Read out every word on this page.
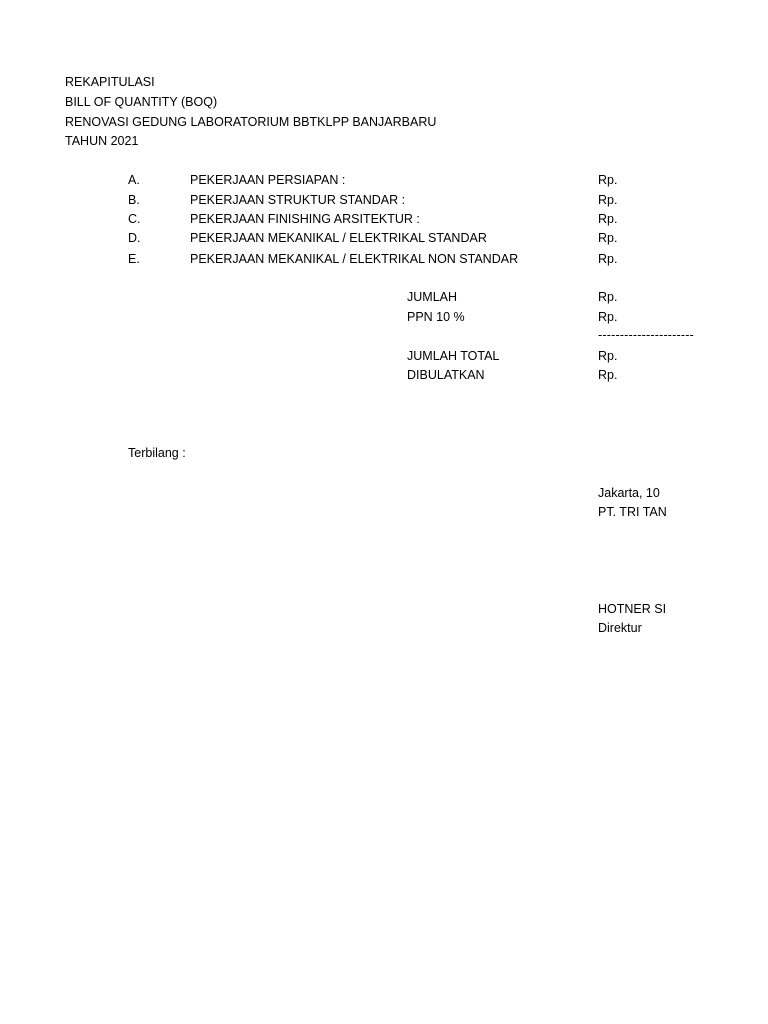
REKAPITULASI
BILL OF QUANTITY (BOQ)
RENOVASI GEDUNG LABORATORIUM BBTKLPP BANJARBARU
TAHUN 2021
A.	PEKERJAAN PERSIAPAN :	Rp.
B.	PEKERJAAN STRUKTUR STANDAR :	Rp.
C.	PEKERJAAN FINISHING ARSITEKTUR :	Rp.
D.	PEKERJAAN MEKANIKAL / ELEKTRIKAL STANDAR	Rp.
E.	PEKERJAAN MEKANIKAL / ELEKTRIKAL NON STANDAR	Rp.
JUMLAH	Rp.
PPN 10 %	Rp.
----------------------
JUMLAH TOTAL	Rp.
DIBULATKAN	Rp.
Terbilang :
Jakarta, 10
PT. TRI TAN
HOTNER SI
Direktur
